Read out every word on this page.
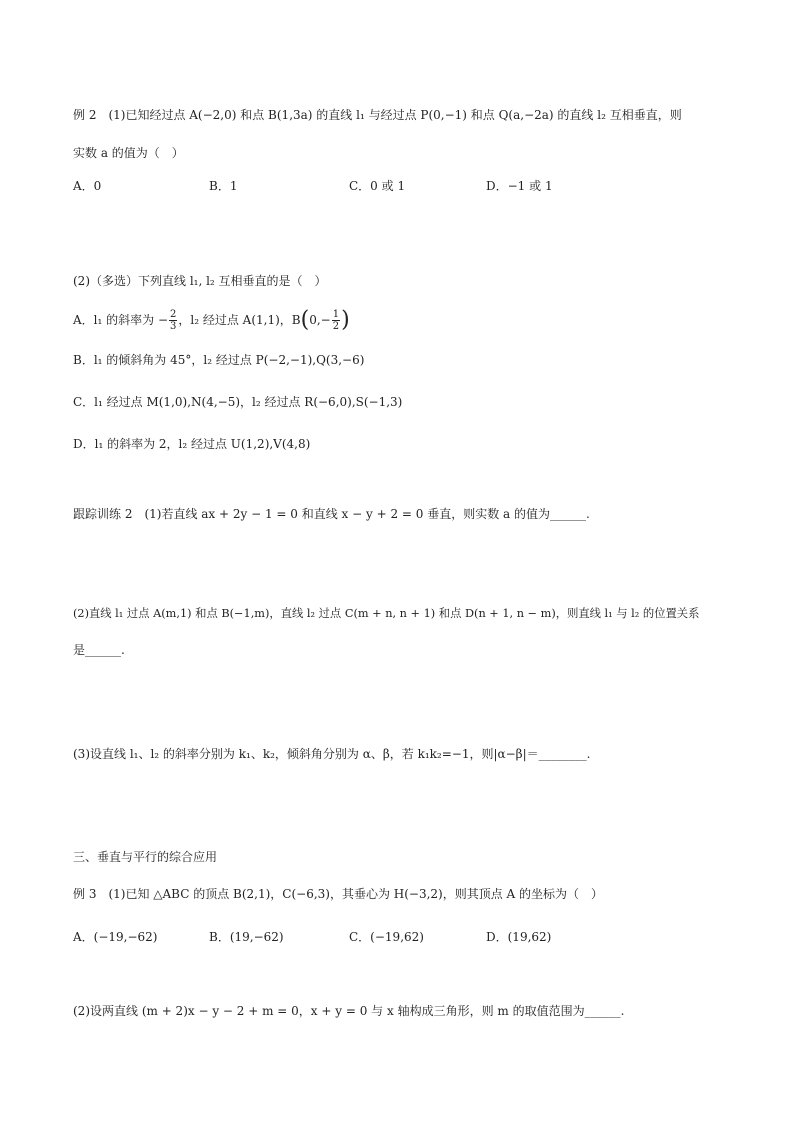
例 2　(1)已知经过点 A(−2,0) 和点 B(1,3a) 的直线 l₁ 与经过点 P(0,−1) 和点 Q(a,−2a) 的直线 l₂ 互相垂直，则
实数 a 的值为（　）
A．0	B．1	C．0 或 1	D．−1 或 1
(2)（多选）下列直线 l₁, l₂ 互相垂直的是（　）
A．l₁ 的斜率为 − $\frac{2}{3}$ ，l₂ 经过点 A(1,1)，$B(0,- \frac{1}{2}$ )
B．l₁ 的倾斜角为 45°，l₂ 经过点 P(−2,−1),Q(3,−6)
C．l₁ 经过点 M(1,0),N(4,−5)，l₂ 经过点 R(−6,0),S(−1,3)
D．l₁ 的斜率为 2，l₂ 经过点 U(1,2),V(4,8)
跟踪训练 2　(1)若直线 ax + 2y − 1 = 0 和直线 x − y + 2 = 0 垂直，则实数 a 的值为______.
(2)直线 l₁ 过点 A(m,1) 和点 B(−1,m)，直线 l₂ 过点 C(m + n, n + 1) 和点 D(n + 1, n − m)，则直线 l₁ 与 l₂ 的位置关系
是______.
(3)设直线 l₁、l₂ 的斜率分别为 k₁、k₂，倾斜角分别为 α、β，若 k₁k₂=−1，则|α−β|＝________.
三、垂直与平行的综合应用
例 3　(1)已知 △ABC 的顶点 B(2,1)，C(−6,3)，其垂心为 H(−3,2)，则其顶点 A 的坐标为（　）
A．(−19,−62)	B．(19,−62)	C．(−19,62)	D．(19,62)
(2)设两直线 (m + 2)x − y − 2 + m = 0，x + y = 0 与 x 轴构成三角形，则 m 的取值范围为______.
